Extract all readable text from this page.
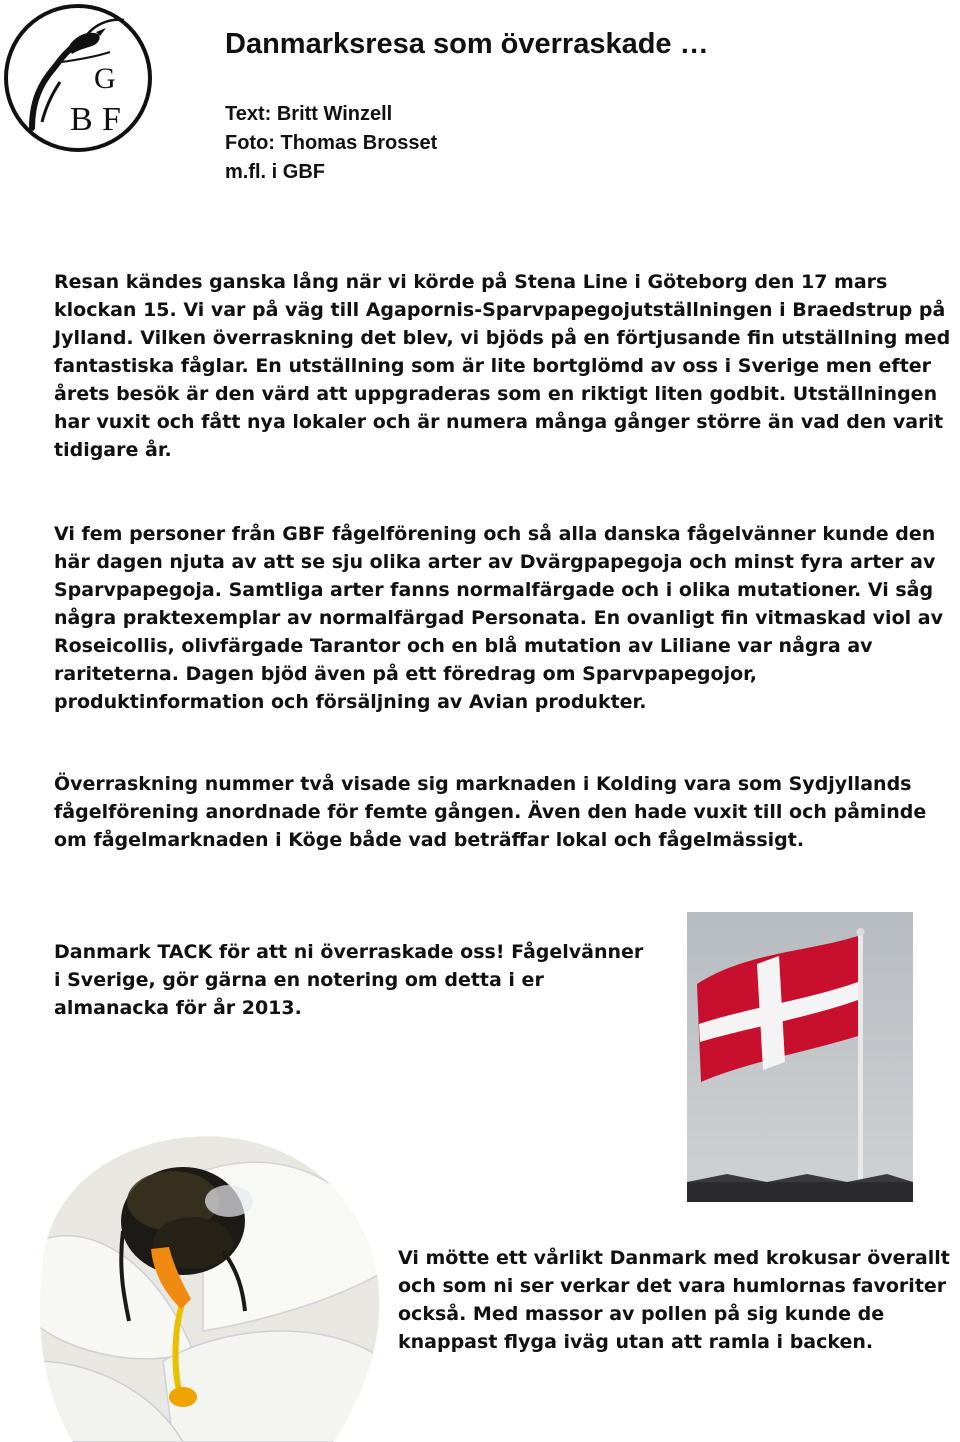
G
B F
Danmarksresa som överraskade …
Text: Britt Winzell
Foto: Thomas Brosset
m.fl. i GBF

Resan kändes ganska lång när vi körde på Stena Line i Göteborg den 17 mars klockan 15. Vi var på väg till Agapornis-Sparvpapegojutställningen i Braedstrup på Jylland. Vilken överraskning det blev, vi bjöds på en förtjusande fin utställning med fantastiska fåglar. En utställning som är lite bortglömd av oss i Sverige men efter årets besök är den värd att uppgraderas som en riktigt liten godbit. Utställningen har vuxit och fått nya lokaler och är numera många gånger större än vad den varit tidigare år.

Vi fem personer från GBF fågelförening och så alla danska fågelvänner kunde den här dagen njuta av att se sju olika arter av Dvärgpapegoja och minst fyra arter av Sparvpapegoja. Samtliga arter fanns normalfärgade och i olika mutationer. Vi såg några praktexemplar av normalfärgad Personata. En ovanligt fin vitmaskad viol av Roseicollis, olivfärgade Tarantor och en blå mutation av Liliane var några av rariteterna. Dagen bjöd även på ett föredrag om Sparvpapegojor, produktinformation och försäljning av Avian produkter.

Överraskning nummer två visade sig marknaden i Kolding vara som Sydjyllands fågelförening anordnade för femte gången. Även den hade vuxit till och påminde om fågelmarknaden i Köge både vad beträffar lokal och fågelmässigt.

Danmark TACK för att ni överraskade oss! Fågelvänner i Sverige, gör gärna en notering om detta i er almanacka för år 2013.

Vi mötte ett vårlikt Danmark med krokusar överallt och som ni ser verkar det vara humlornas favoriter också. Med massor av pollen på sig kunde de knappast flyga iväg utan att ramla i backen.
